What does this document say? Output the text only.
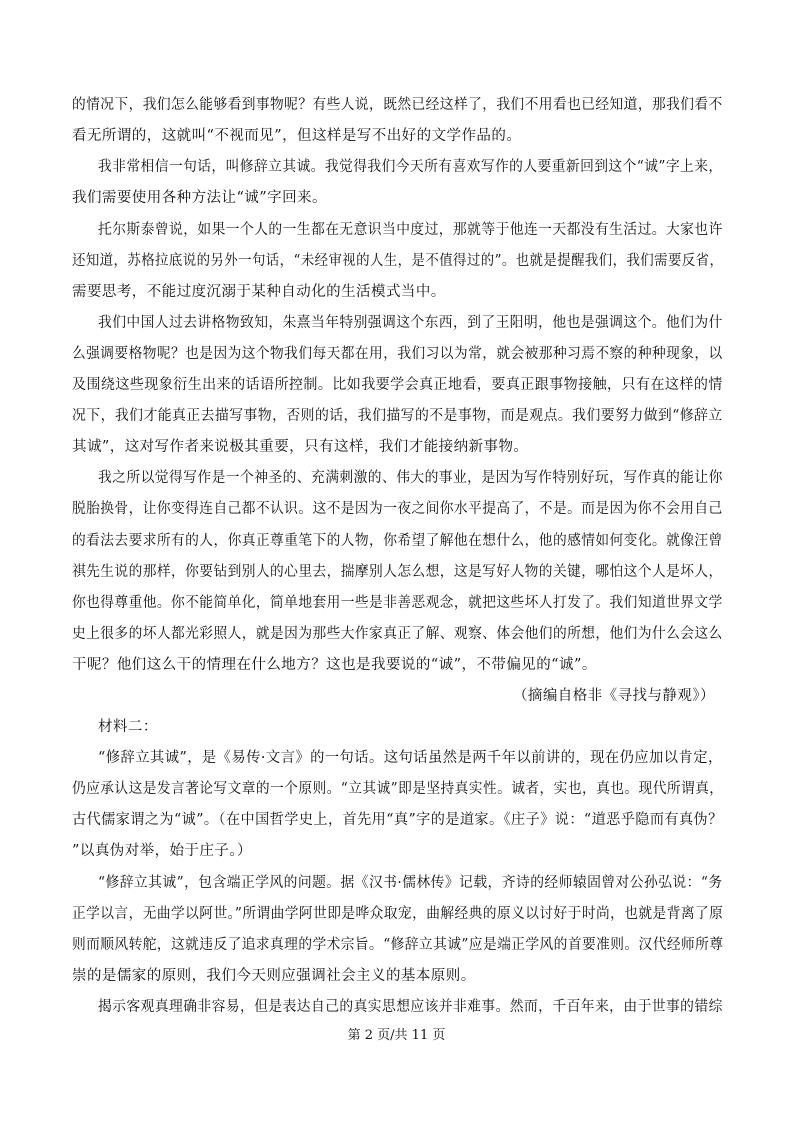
的情况下，我们怎么能够看到事物呢？有些人说，既然已经这样了，我们不用看也已经知道，那我们看不
看无所谓的，这就叫“不视而见”，但这样是写不出好的文学作品的。
我非常相信一句话，叫修辞立其诚。我觉得我们今天所有喜欢写作的人要重新回到这个“诚”字上来，
我们需要使用各种方法让“诚”字回来。
托尔斯泰曾说，如果一个人的一生都在无意识当中度过，那就等于他连一天都没有生活过。大家也许
还知道，苏格拉底说的另外一句话，“未经审视的人生，是不值得过的”。也就是提醒我们，我们需要反省，
需要思考，不能过度沉溺于某种自动化的生活模式当中。
我们中国人过去讲格物致知，朱熹当年特别强调这个东西，到了王阳明，他也是强调这个。他们为什
么强调要格物呢？也是因为这个物我们每天都在用，我们习以为常，就会被那种习焉不察的种种现象，以
及围绕这些现象衍生出来的话语所控制。比如我要学会真正地看，要真正跟事物接触，只有在这样的情
况下，我们才能真正去描写事物，否则的话，我们描写的不是事物，而是观点。我们要努力做到“修辞立
其诚”，这对写作者来说极其重要，只有这样，我们才能接纳新事物。
我之所以觉得写作是一个神圣的、充满刺激的、伟大的事业，是因为写作特别好玩，写作真的能让你
脱胎换骨，让你变得连自己都不认识。这不是因为一夜之间你水平提高了，不是。而是因为你不会用自己
的看法去要求所有的人，你真正尊重笔下的人物，你希望了解他在想什么，他的感情如何变化。就像汪曾
祺先生说的那样，你要钻到别人的心里去，揣摩别人怎么想，这是写好人物的关键，哪怕这个人是坏人，
你也得尊重他。你不能简单化，简单地套用一些是非善恶观念，就把这些坏人打发了。我们知道世界文学
史上很多的坏人都光彩照人，就是因为那些大作家真正了解、观察、体会他们的所想，他们为什么会这么
干呢？他们这么干的情理在什么地方？这也是我要说的“诚”，不带偏见的“诚”。
（摘编自格非《寻找与静观》）
材料二：
“修辞立其诚”，是《易传·文言》的一句话。这句话虽然是两千年以前讲的，现在仍应加以肯定，
仍应承认这是发言著论写文章的一个原则。“立其诚”即是坚持真实性。诚者，实也，真也。现代所谓真，
古代儒家谓之为“诚”。（在中国哲学史上，首先用“真”字的是道家。《庄子》说：“道恶乎隐而有真伪？
”以真伪对举，始于庄子。）
“修辞立其诚”，包含端正学风的问题。据《汉书·儒林传》记载，齐诗的经师辕固曾对公孙弘说：“务
正学以言，无曲学以阿世。”所谓曲学阿世即是哗众取宠，曲解经典的原义以讨好于时尚，也就是背离了原
则而顺风转舵，这就违反了追求真理的学术宗旨。“修辞立其诚”应是端正学风的首要准则。汉代经师所尊
崇的是儒家的原则，我们今天则应强调社会主义的基本原则。
揭示客观真理确非容易，但是表达自己的真实思想应该并非难事。然而，千百年来，由于世事的错综
第 2 页/共 11 页
